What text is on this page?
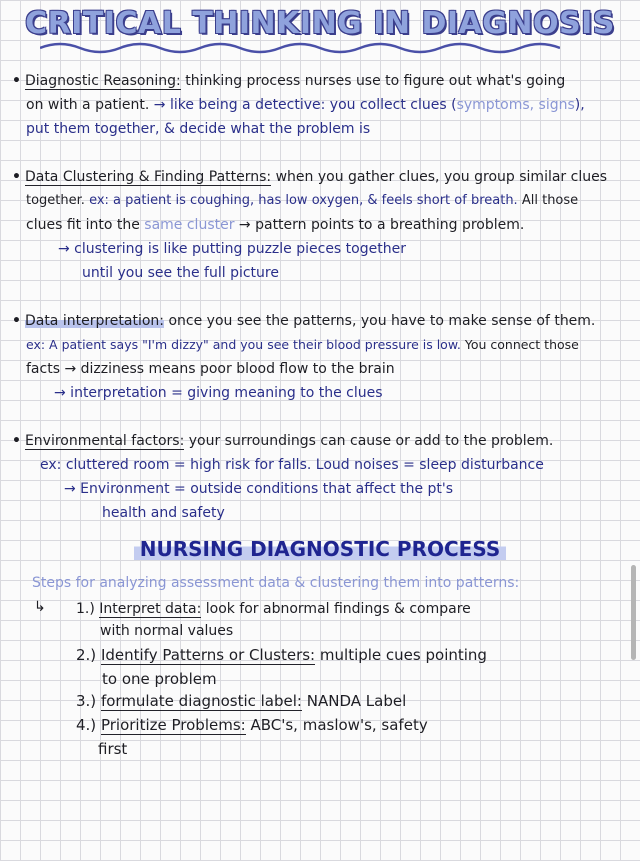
CRITICAL THINKING IN DIAGNOSIS
• Diagnostic Reasoning: thinking process nurses use to figure out what's going
on with a patient. → like being a detective: you collect clues (symptoms, signs),
put them together, & decide what the problem is
• Data Clustering & Finding Patterns: when you gather clues, you group similar clues
together. ex: a patient is coughing, has low oxygen, & feels short of breath. All those
clues fit into the same cluster → pattern points to a breathing problem.
→ clustering is like putting puzzle pieces together
until you see the full picture
• Data interpretation: once you see the patterns, you have to make sense of them.
ex: A patient says "I'm dizzy" and you see their blood pressure is low. You connect those
facts → dizziness means poor blood flow to the brain
→ interpretation = giving meaning to the clues
• Environmental factors: your surroundings can cause or add to the problem.
ex: cluttered room = high risk for falls. Loud noises = sleep disturbance
→ Environment = outside conditions that affect the pt's
health and safety
NURSING DIAGNOSTIC PROCESS
Steps for analyzing assessment data & clustering them into patterns:
↳ 1.) Interpret data: look for abnormal findings & compare
with normal values
2.) Identify Patterns or Clusters: multiple cues pointing
to one problem
3.) formulate diagnostic label: NANDA Label
4.) Prioritize Problems: ABC's, maslow's, safety
first
